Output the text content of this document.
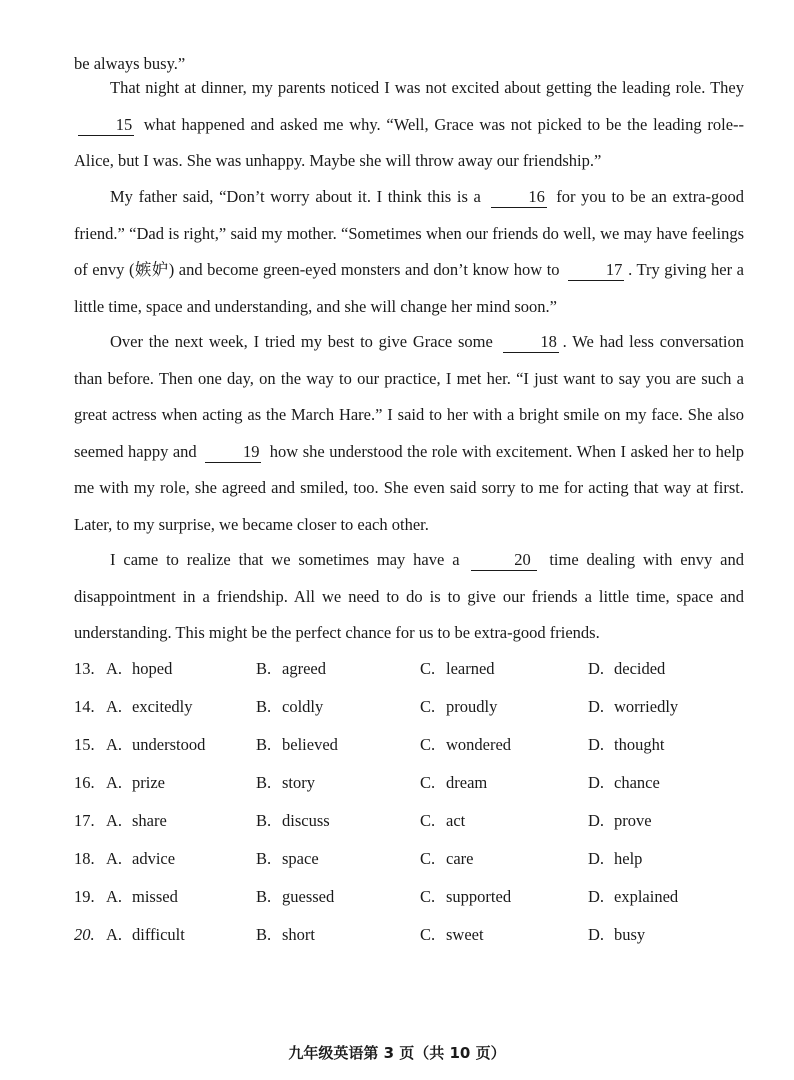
be always busy.”

That night at dinner, my parents noticed I was not excited about getting the leading role. They 15 what happened and asked me why. “Well, Grace was not picked to be the leading role-- Alice, but I was. She was unhappy. Maybe she will throw away our friendship.”

My father said, “Don’t worry about it. I think this is a	16 for you to be an extra-good friend.” “Dad is right,” said my mother. “Sometimes when our friends do well, we may have feelings of envy (嫉妒) and become green-eyed monsters and don’t know how to	17 . Try giving her a little time, space and understanding, and she will change her mind soon.”

Over the next week, I tried my best to give Grace some	18 . We had less conversation than before. Then one day, on the way to our practice, I met her. “I just want to say you are such a great actress when acting as the March Hare.” I said to her with a bright smile on my face. She also seemed happy and	19 how she understood the role with excitement. When I asked her to help me with my role, she agreed and smiled, too. She even said sorry to me for acting that way at first. Later, to my surprise, we became closer to each other.

I came to realize that we sometimes may have a	20 time dealing with envy and disappointment in a friendship. All we need to do is to give our friends a little time, space and understanding. This might be the perfect chance for us to be extra-good friends.

13. A. hoped	B. agreed	C. learned	D. decided
14. A. excitedly	B. coldly	C. proudly	D. worriedly
15. A. understood	B. believed	C. wondered	D. thought
16. A. prize	B. story	C. dream	D. chance
17. A. share	B. discuss	C. act	D. prove
18. A. advice	B. space	C. care	D. help
19. A. missed	B. guessed	C. supported	D. explained
20. A. difficult	B. short	C. sweet	D. busy
九年级英语第 3 页（共 10 页）
